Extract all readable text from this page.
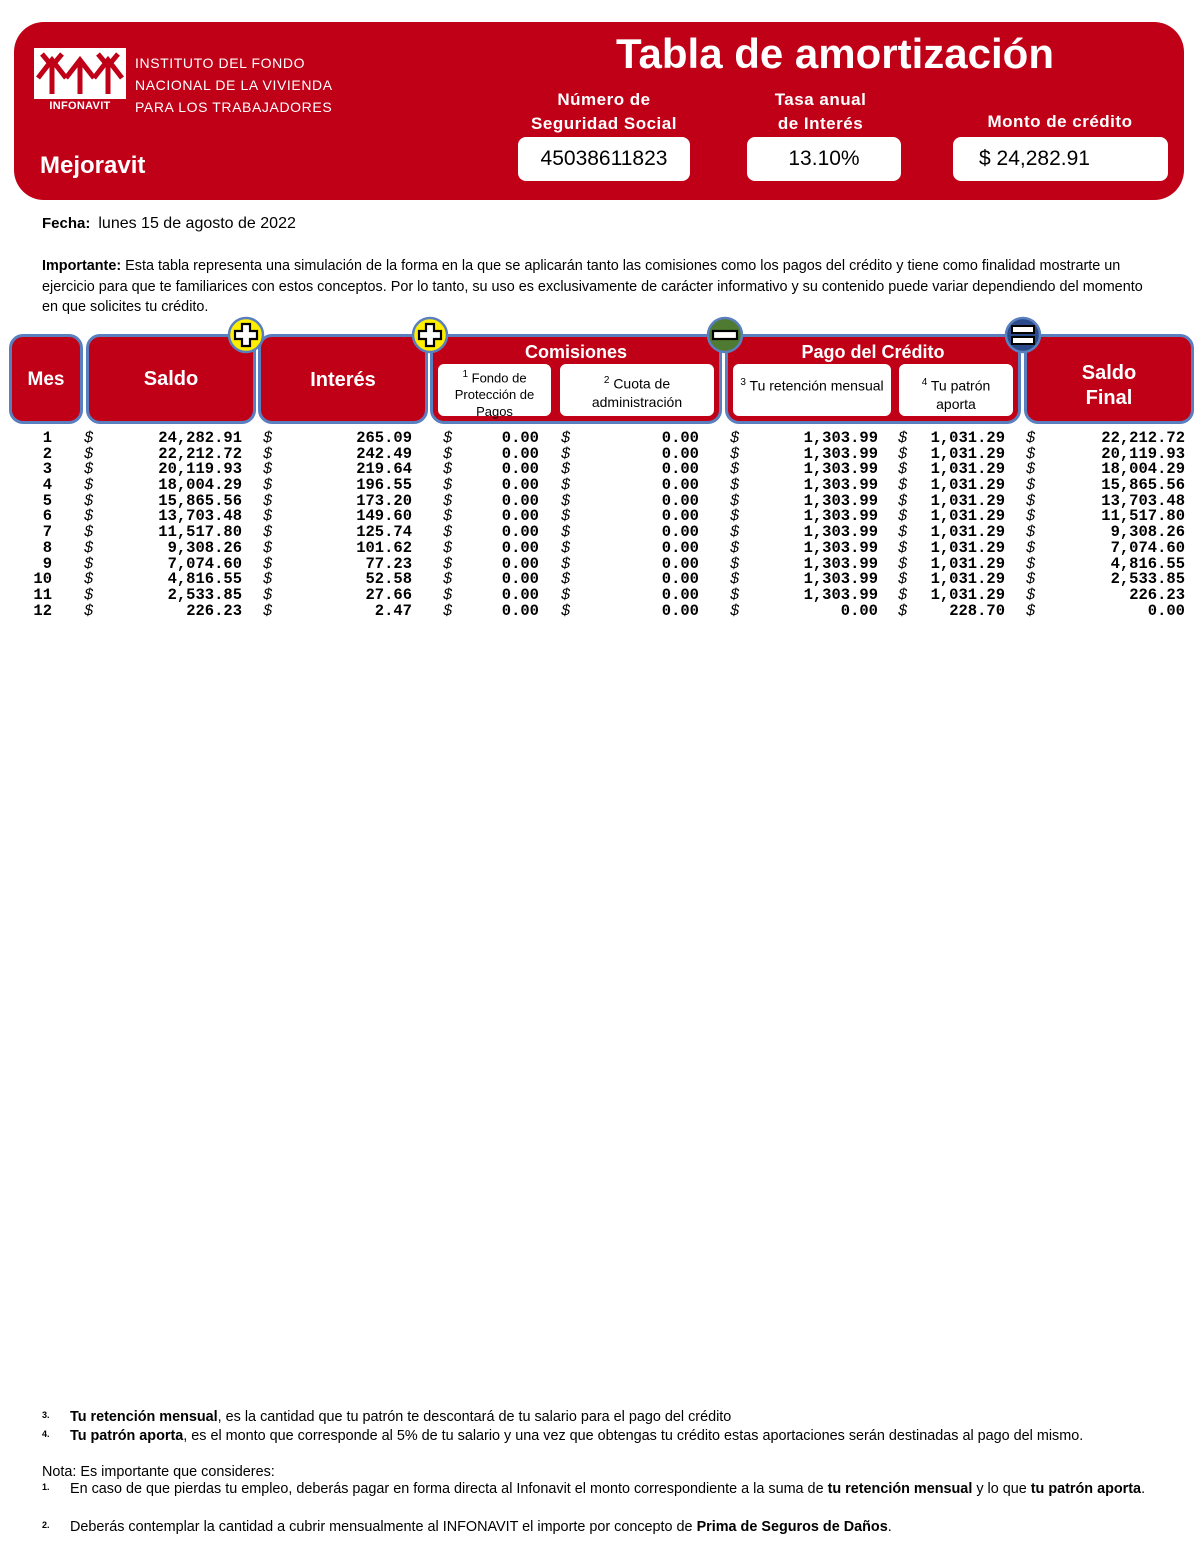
INFONAVIT
INSTITUTO DEL FONDO
NACIONAL DE LA VIVIENDA
PARA LOS TRABAJADORES
Tabla de amortización
Mejoravit
Número de
Seguridad Social
45038611823
Tasa anual
de Interés
13.10%
Monto de crédito
$ 24,282.91
Fecha: lunes 15 de agosto de 2022
Importante: Esta tabla representa una simulación de la forma en la que se aplicarán tanto las comisiones como los pagos del crédito y tiene como finalidad mostrarte un ejercicio para que te familiarices con estos conceptos. Por lo tanto, su uso es exclusivamente de carácter informativo y su contenido puede variar dependiendo del momento en que solicites tu crédito.
Mes	Saldo	Interés
Comisiones
$^1$ Fondo de Protección de Pagos
$^2$ Cuota de administración
Pago del Crédito
$^3$ Tu retención mensual	$^4$ Tu patrón aporta
Saldo
Final
1 $	24,282.91 $	265.09 $	0.00 $	0.00 $	1,303.99 $ 1,031.29 $	22,212.72
2 $	22,212.72 $	242.49 $	0.00 $	0.00 $	1,303.99 $ 1,031.29 $	20,119.93
3 $	20,119.93 $	219.64 $	0.00 $	0.00 $	1,303.99 $ 1,031.29 $	18,004.29
4 $	18,004.29 $	196.55 $	0.00 $	0.00 $	1,303.99 $ 1,031.29 $	15,865.56
5 $	15,865.56 $	173.20 $	0.00 $	0.00 $	1,303.99 $ 1,031.29 $	13,703.48
6 $	13,703.48 $	149.60 $	0.00 $	0.00 $	1,303.99 $ 1,031.29 $	11,517.80
7 $	11,517.80 $	125.74 $	0.00 $	0.00 $	1,303.99 $ 1,031.29 $	9,308.26
8 $	9,308.26 $	101.62 $	0.00 $	0.00 $	1,303.99 $ 1,031.29 $	7,074.60
9 $	7,074.60 $	77.23 $	0.00 $	0.00 $	1,303.99 $ 1,031.29 $	4,816.55
10 $	4,816.55 $	52.58 $	0.00 $	0.00 $	1,303.99 $ 1,031.29 $	2,533.85
11 $	2,533.85 $	27.66 $	0.00 $	0.00 $	1,303.99 $ 1,031.29 $	226.23
12 $	226.23 $	2.47 $	0.00 $	0.00 $	0.00 $	228.70 $	0.00
3. Tu retención mensual, es la cantidad que tu patrón te descontará de tu salario para el pago del crédito
4. Tu patrón aporta, es el monto que corresponde al 5% de tu salario y una vez que obtengas tu crédito estas aportaciones serán destinadas al pago del mismo.
Nota: Es importante que consideres:
1. En caso de que pierdas tu empleo, deberás pagar en forma directa al Infonavit el monto correspondiente a la suma de tu retención mensual y lo que tu patrón aporta.
2. Deberás contemplar la cantidad a cubrir mensualmente al INFONAVIT el importe por concepto de Prima de Seguros de Daños.
